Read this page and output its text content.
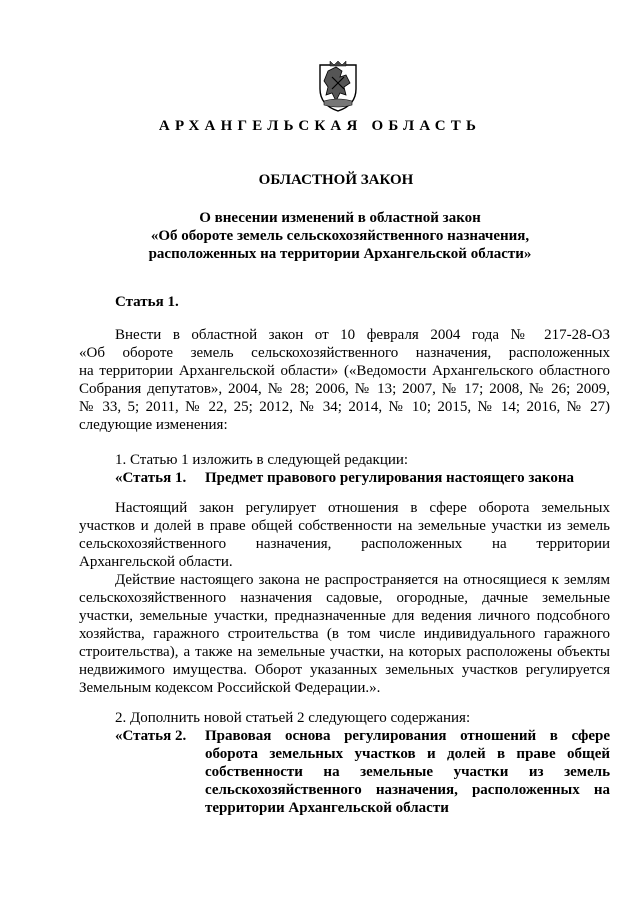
АРХАНГЕЛЬСКАЯ ОБЛАСТЬ
ОБЛАСТНОЙ ЗАКОН
О внесении изменений в областной закон
«Об обороте земель сельскохозяйственного назначения,
расположенных на территории Архангельской области»
Статья 1.
Внести в областной закон от 10 февраля 2004 года № 217-28-ОЗ
«Об обороте земель сельскохозяйственного назначения, расположенных
на территории Архангельской области» («Ведомости Архангельского областного
Собрания депутатов», 2004, № 28; 2006, № 13; 2007, № 17; 2008, № 26; 2009,
№ 33, 5; 2011, № 22, 25; 2012, № 34; 2014, № 10; 2015, № 14; 2016, № 27)
следующие изменения:
1. Статью 1 изложить в следующей редакции:
«Статья 1. Предмет правового регулирования настоящего закона
Настоящий закон регулирует отношения в сфере оборота земельных
участков и долей в праве общей собственности на земельные участки из земель
сельскохозяйственного назначения, расположенных на территории
Архангельской области.
Действие настоящего закона не распространяется на относящиеся к землям
сельскохозяйственного назначения садовые, огородные, дачные земельные
участки, земельные участки, предназначенные для ведения личного подсобного
хозяйства, гаражного строительства (в том числе индивидуального гаражного
строительства), а также на земельные участки, на которых расположены объекты
недвижимого имущества. Оборот указанных земельных участков регулируется
Земельным кодексом Российской Федерации.».
2. Дополнить новой статьей 2 следующего содержания:
«Статья 2.	Правовая основа регулирования отношений в сфере
оборота земельных участков и долей в праве общей
собственности на земельные участки из земель
сельскохозяйственного назначения, расположенных на
территории Архангельской области
